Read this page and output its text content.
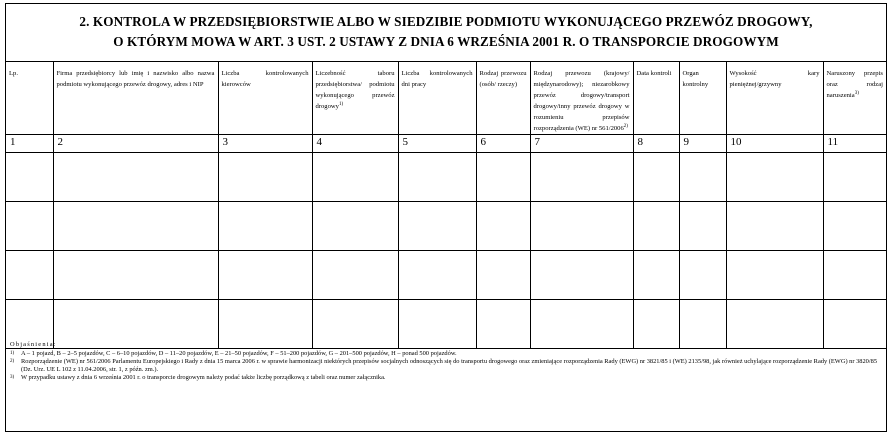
2. KONTROLA W PRZEDSIĘBIORSTWIE ALBO W SIEDZIBIE PODMIOTU WYKONUJĄCEGO PRZEWÓZ DROGOWY,
O KTÓRYM MOWA W ART. 3 UST. 2 USTAWY Z DNIA 6 WRZEŚNIA 2001 R. O TRANSPORCIE DROGOWYM
Lp.	Firma przedsiębiorcy lub imię i nazwisko albo nazwa podmiotu wykonującego przewóz drogowy, adres i NIP	Liczba kontrolowanych kierowców	Liczebność taboru przedsiębiorstwa/ podmiotu wykonującego przewóz drogowy$^{1)}$	Liczba kontrolowanych dni pracy	Rodzaj przewozu (osób/ rzeczy)	Rodzaj przewozu (krajowy/ międzynarodowy); niezarobkowy przewóz drogowy/transport drogowy/inny przewóz drogowy w rozumieniu przepisów rozporządzenia (WE) nr 561/2006$^{2)}$	Data kontroli	Organ kontrolny	Wysokość kary pieniężnej/grzywny	Naruszony przepis oraz rodzaj naruszenia$^{3)}$
1	2	3	4	5	6	7	8	9	10	11

Objaśnienia:
1)	A – 1 pojazd, B – 2–5 pojazdów, C – 6–10 pojazdów, D – 11–20 pojazdów, E – 21–50 pojazdów, F – 51–200 pojazdów, G – 201–500 pojazdów, H – ponad 500 pojazdów.
2)	Rozporządzenie (WE) nr 561/2006 Parlamentu Europejskiego i Rady z dnia 15 marca 2006 r. w sprawie harmonizacji niektórych przepisów socjalnych odnoszących się do transportu drogowego oraz zmieniające rozporządzenia Rady (EWG) nr 3821/85 i (WE) 2135/98, jak również uchylające rozporządzenie Rady (EWG) nr 3820/85 (Dz. Urz. UE L 102 z 11.04.2006, str. 1, z późn. zm.).
3)	W przypadku ustawy z dnia 6 września 2001 r. o transporcie drogowym należy podać także liczbę porządkową z tabeli oraz numer załącznika.
